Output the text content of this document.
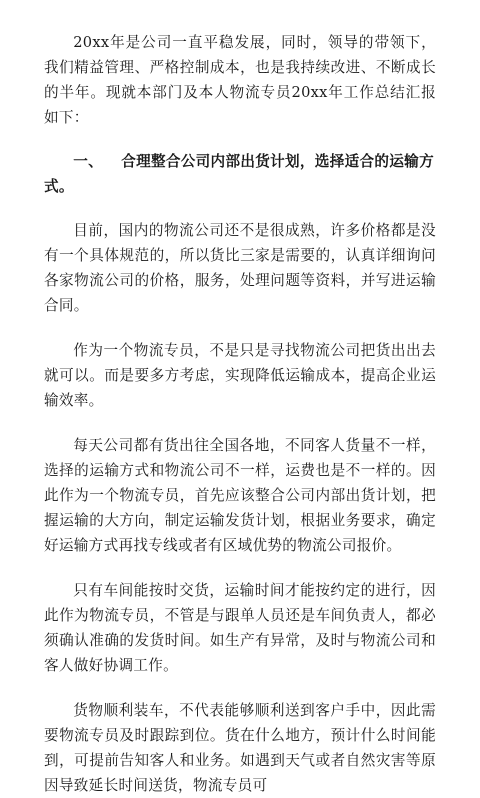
20xx年是公司一直平稳发展，同时，领导的带领下，我们精益管理、严格控制成本，也是我持续改进、不断成长的半年。现就本部门及本人物流专员20xx年工作总结汇报如下：

一、 合理整合公司内部出货计划，选择适合的运输方式。

目前，国内的物流公司还不是很成熟，许多价格都是没有一个具体规范的，所以货比三家是需要的，认真详细询问各家物流公司的价格，服务，处理问题等资料，并写进运输合同。

作为一个物流专员，不是只是寻找物流公司把货出出去就可以。而是要多方考虑，实现降低运输成本，提高企业运输效率。

每天公司都有货出往全国各地，不同客人货量不一样，选择的运输方式和物流公司不一样，运费也是不一样的。因此作为一个物流专员，首先应该整合公司内部出货计划，把握运输的大方向，制定运输发货计划，根据业务要求，确定好运输方式再找专线或者有区域优势的物流公司报价。

只有车间能按时交货，运输时间才能按约定的进行，因此作为物流专员，不管是与跟单人员还是车间负责人，都必须确认准确的发货时间。如生产有异常，及时与物流公司和客人做好协调工作。

货物顺利装车，不代表能够顺利送到客户手中，因此需要物流专员及时跟踪到位。货在什么地方，预计什么时间能到，可提前告知客人和业务。如遇到天气或者自然灾害等原因导致延长时间送货，物流专员可
